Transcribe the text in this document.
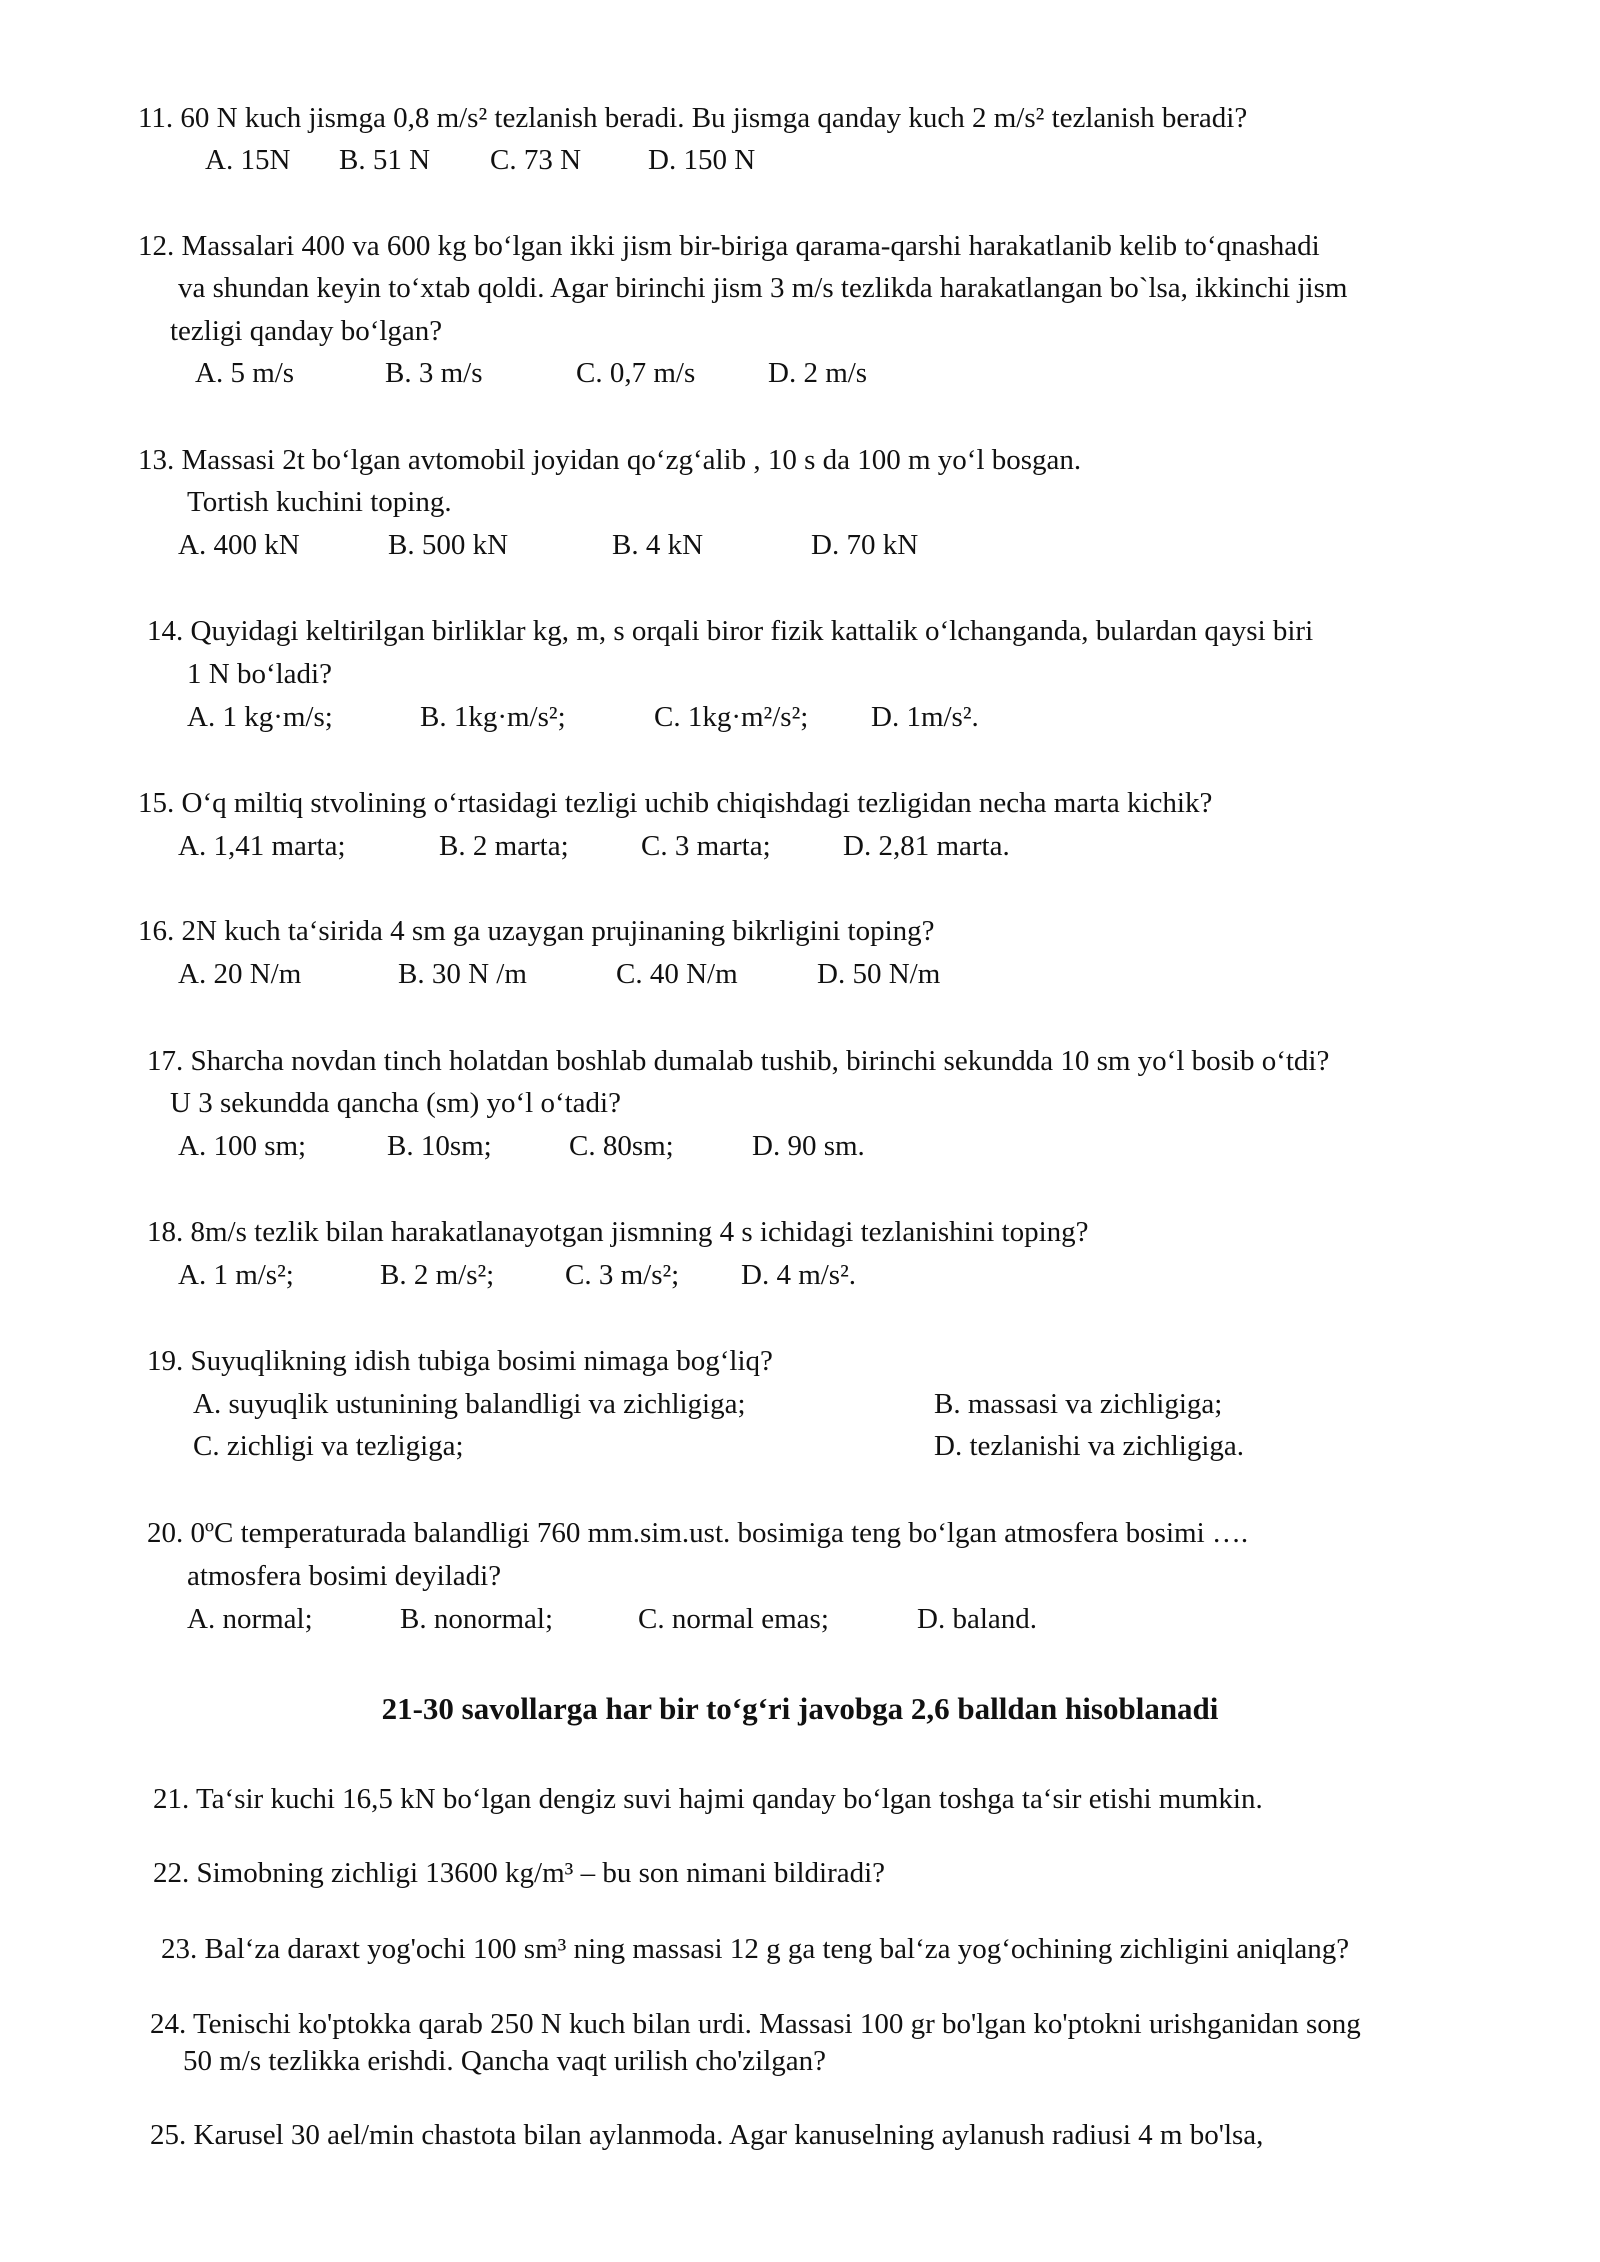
11. 60 N kuch jismga 0,8 m/s² tezlanish beradi. Bu jismga qanday kuch 2 m/s² tezlanish beradi?
A. 15N B. 51 N C. 73 N D. 150 N
12. Massalari 400 va 600 kg bo‘lgan ikki jism bir-biriga qarama-qarshi harakatlanib kelib to‘qnashadi
va shundan keyin to‘xtab qoldi. Agar birinchi jism 3 m/s tezlikda harakatlangan bo`lsa, ikkinchi jism
tezligi qanday bo‘lgan?
A. 5 m/s	B. 3 m/s	C. 0,7 m/s	D. 2 m/s
13. Massasi 2t bo‘lgan avtomobil joyidan qo‘zg‘alib , 10 s da 100 m yo‘l bosgan.
Tortish kuchini toping.
A. 400 kN	B. 500 kN	B. 4 kN	D. 70 kN
14. Quyidagi keltirilgan birliklar kg, m, s orqali biror fizik kattalik o‘lchanganda, bulardan qaysi biri
1 N bo‘ladi?
A. 1 kg·m/s;	B. 1kg·m/s²;	C. 1kg·m²/s²; D. 1m/s².
15. O‘q miltiq stvolining o‘rtasidagi tezligi uchib chiqishdagi tezligidan necha marta kichik?
A. 1,41 marta;	B. 2 marta; C. 3 marta; D. 2,81 marta.
16. 2N kuch ta‘sirida 4 sm ga uzaygan prujinaning bikrligini toping?
A. 20 N/m	B. 30 N /m	C. 40 N/m	D. 50 N/m
17. Sharcha novdan tinch holatdan boshlab dumalab tushib, birinchi sekundda 10 sm yo‘l bosib o‘tdi?
U 3 sekundda qancha (sm) yo‘l o‘tadi?
A. 100 sm;	B. 10sm;	C. 80sm;	D. 90 sm.
18. 8m/s tezlik bilan harakatlanayotgan jismning 4 s ichidagi tezlanishini toping?
A. 1 m/s²;	B. 2 m/s²; C. 3 m/s²; D. 4 m/s².
19. Suyuqlikning idish tubiga bosimi nimaga bog‘liq?
A. suyuqlik ustunining balandligi va zichligiga;	B. massasi va zichligiga;
C. zichligi va tezligiga;	D. tezlanishi va zichligiga.
20. 0ºC temperaturada balandligi 760 mm.sim.ust. bosimiga teng bo‘lgan atmosfera bosimi ….
atmosfera bosimi deyiladi?
A. normal;	B. nonormal;	C. normal emas;	D. baland.
21-30 savollarga har bir to‘g‘ri javobga 2,6 balldan hisoblanadi
21. Ta‘sir kuchi 16,5 kN bo‘lgan dengiz suvi hajmi qanday bo‘lgan toshga ta‘sir etishi mumkin.
22. Simobning zichligi 13600 kg/m³ – bu son nimani bildiradi?
23. Bal‘za daraxt yog'ochi 100 sm³ ning massasi 12 g ga teng bal‘za yog‘ochining zichligini aniqlang?
24. Tenischi ko'ptokka qarab 250 N kuch bilan urdi. Massasi 100 gr bo'lgan ko'ptokni urishganidan song
50 m/s tezlikka erishdi. Qancha vaqt urilish cho'zilgan?
25. Karusel 30 ael/min chastota bilan aylanmoda. Agar kanuselning aylanush radiusi 4 m bo'lsa,
